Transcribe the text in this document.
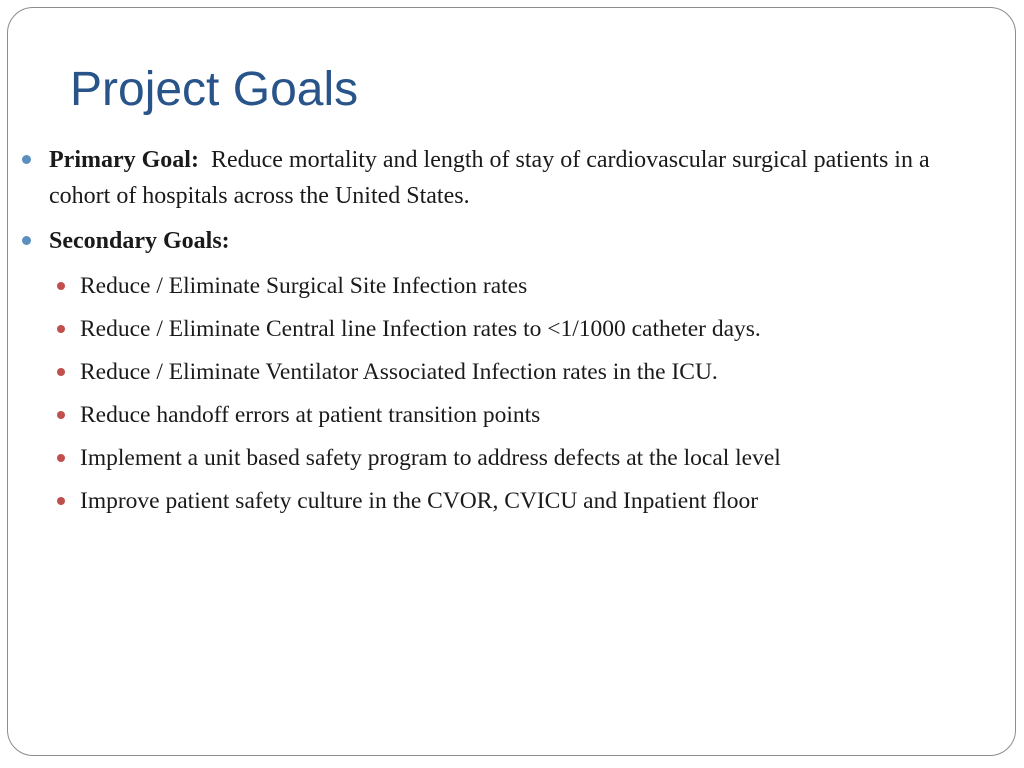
Project Goals
Primary Goal: Reduce mortality and length of stay of cardiovascular surgical patients in a cohort of hospitals across the United States.
Secondary Goals:
Reduce / Eliminate Surgical Site Infection rates
Reduce / Eliminate Central line Infection rates to <1/1000 catheter days.
Reduce / Eliminate Ventilator Associated Infection rates in the ICU.
Reduce handoff errors at patient transition points
Implement a unit based safety program to address defects at the local level
Improve patient safety culture in the CVOR, CVICU and Inpatient floor
